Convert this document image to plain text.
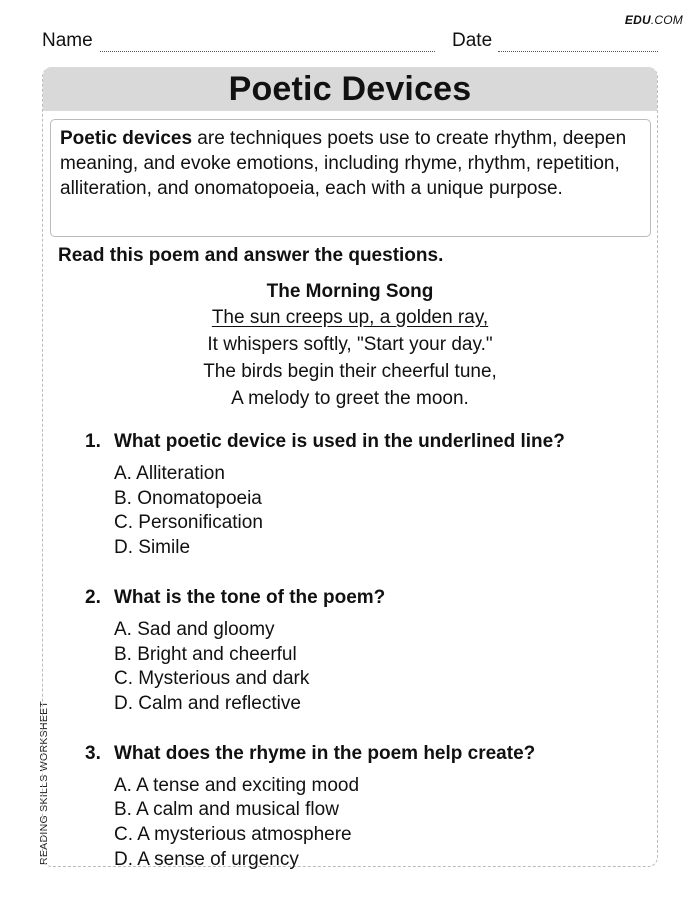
EDU.COM
Name	Date
READING SKILLS WORKSHEET
Poetic Devices
Poetic devices are techniques poets use to create rhythm, deepen meaning, and evoke emotions, including rhyme, rhythm, repetition, alliteration, and onomatopoeia, each with a unique purpose.
Read this poem and answer the questions.
The Morning Song
The sun creeps up, a golden ray,
It whispers softly, "Start your day."
The birds begin their cheerful tune,
A melody to greet the moon.
1. What poetic device is used in the underlined line?
A. Alliteration
B. Onomatopoeia
C. Personification
D. Simile
2. What is the tone of the poem?
A. Sad and gloomy
B. Bright and cheerful
C. Mysterious and dark
D. Calm and reflective
3. What does the rhyme in the poem help create?
A. A tense and exciting mood
B. A calm and musical flow
C. A mysterious atmosphere
D. A sense of urgency
